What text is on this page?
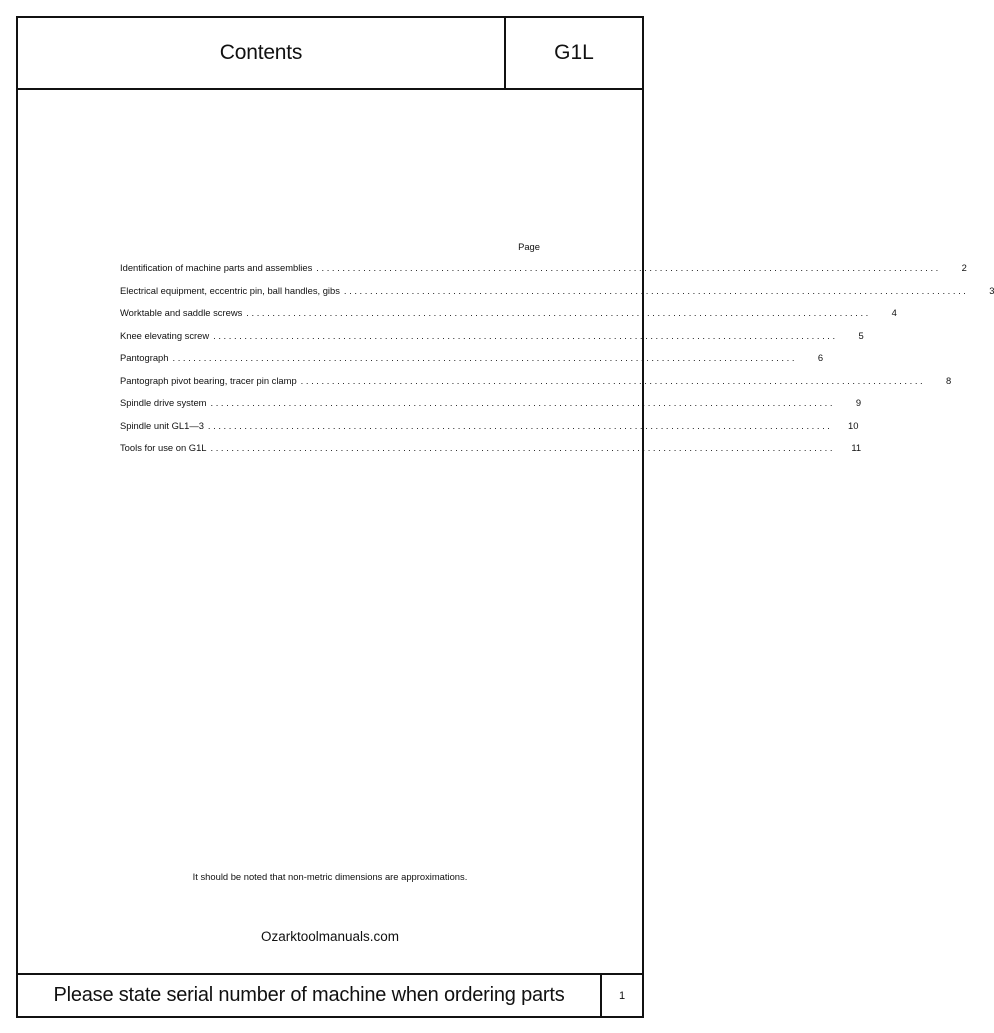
Contents	G1L
Page
Identification of machine parts and assemblies ........................................................................................................................	2
Electrical equipment, eccentric pin, ball handles, gibs ........................................................................................................................	3
Worktable and saddle screws ........................................................................................................................	4
Knee elevating screw ........................................................................................................................	5
Pantograph ........................................................................................................................	6
Pantograph pivot bearing, tracer pin clamp ........................................................................................................................	8
Spindle drive system ........................................................................................................................	9
Spindle unit GL1—3 ........................................................................................................................	10
Tools for use on G1L ........................................................................................................................	11
It should be noted that non-metric dimensions are approximations.
Ozarktoolmanuals.com
Please state serial number of machine when ordering parts	1
